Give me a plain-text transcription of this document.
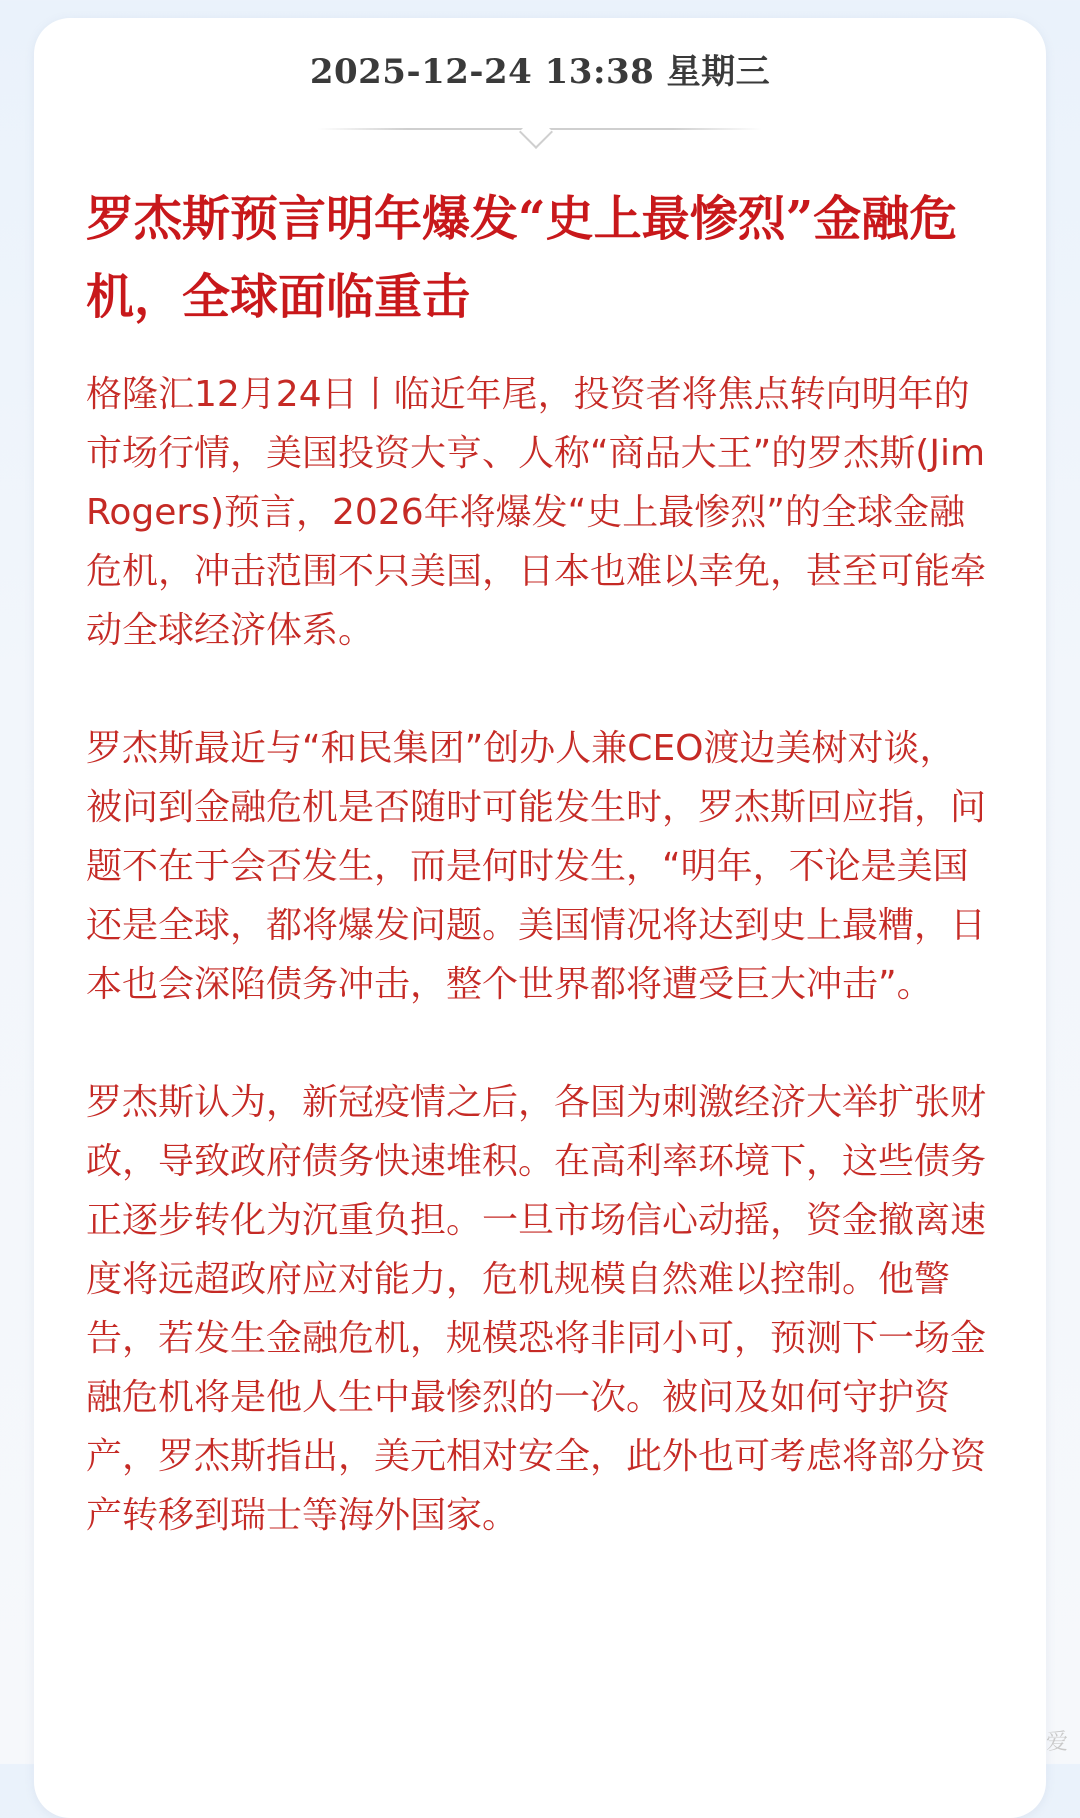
2025-12-24 13:38 星期三
罗杰斯预言明年爆发“史上最惨烈”金融危机，全球面临重击

格隆汇12月24日丨临近年尾，投资者将焦点转向明年的市场行情，美国投资大亨、人称“商品大王”的罗杰斯(Jim Rogers)预言，2026年将爆发“史上最惨烈”的全球金融危机，冲击范围不只美国，日本也难以幸免，甚至可能牵动全球经济体系。

罗杰斯最近与“和民集团”创办人兼CEO渡边美树对谈，被问到金融危机是否随时可能发生时，罗杰斯回应指，问题不在于会否发生，而是何时发生，“明年，不论是美国还是全球，都将爆发问题。美国情况将达到史上最糟，日本也会深陷债务冲击，整个世界都将遭受巨大冲击”。

罗杰斯认为，新冠疫情之后，各国为刺激经济大举扩张财政，导致政府债务快速堆积。在高利率环境下，这些债务正逐步转化为沉重负担。一旦市场信心动摇，资金撤离速度将远超政府应对能力，危机规模自然难以控制。他警告，若发生金融危机，规模恐将非同小可，预测下一场金融危机将是他人生中最惨烈的一次。被问及如何守护资产，罗杰斯指出，美元相对安全，此外也可考虑将部分资产转移到瑞士等海外国家。

爱
